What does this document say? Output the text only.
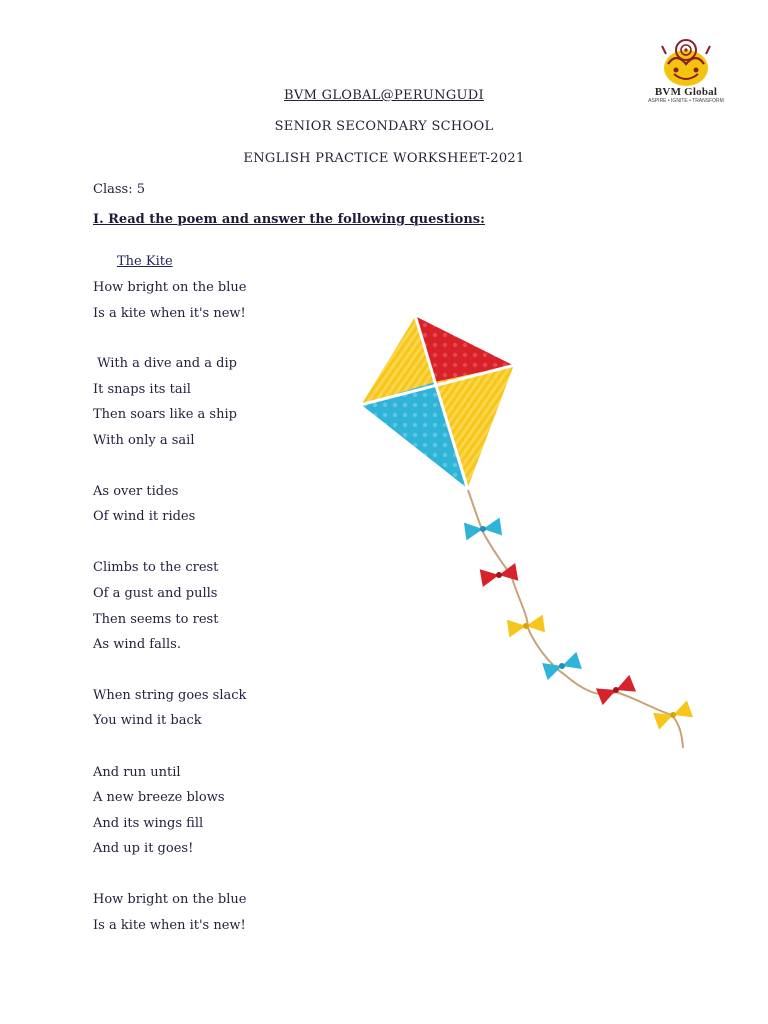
BVM Global
ASPIRE • IGNITE • TRANSFORM
BVM GLOBAL@PERUNGUDI
SENIOR SECONDARY SCHOOL
ENGLISH PRACTICE WORKSHEET-2021
Class: 5
I. Read the poem and answer the following questions:
The Kite
How bright on the blue
Is a kite when it's new!
With a dive and a dip
It snaps its tail
Then soars like a ship
With only a sail
As over tides
Of wind it rides
Climbs to the crest
Of a gust and pulls
Then seems to rest
As wind falls.
When string goes slack
You wind it back
And run until
A new breeze blows
And its wings fill
And up it goes!
How bright on the blue
Is a kite when it's new!
